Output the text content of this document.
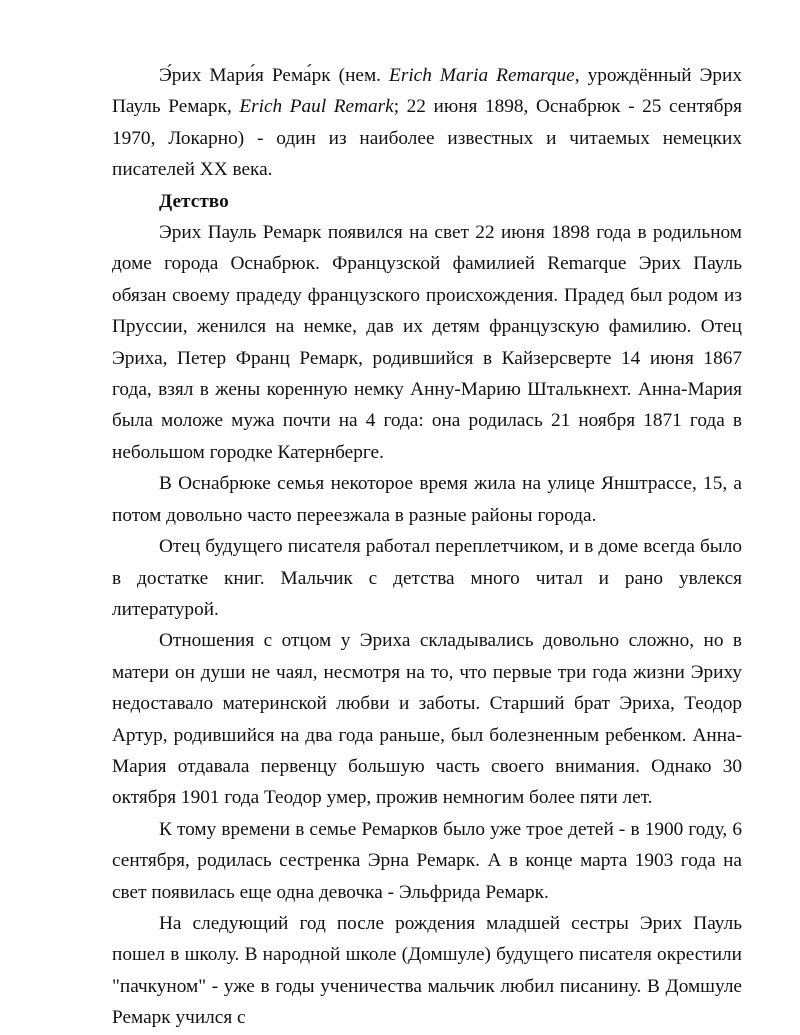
Э́рих Мари́я Рема́рк (нем. Erich Maria Remarque, урождённый Эрих Пауль Ремарк, Erich Paul Remark; 22 июня 1898, Оснабрюк - 25 сентября 1970, Локарно) - один из наиболее известных и читаемых немецких писателей XX века.

Детство

Эрих Пауль Ремарк появился на свет 22 июня 1898 года в родильном доме города Оснабрюк. Французской фамилией Remarque Эрих Пауль обязан своему прадеду французского происхождения. Прадед был родом из Пруссии, женился на немке, дав их детям французскую фамилию. Отец Эриха, Петер Франц Ремарк, родившийся в Кайзерсверте 14 июня 1867 года, взял в жены коренную немку Анну-Марию Шталькнехт. Анна-Мария была моложе мужа почти на 4 года: она родилась 21 ноября 1871 года в небольшом городке Катернберге.

В Оснабрюке семья некоторое время жила на улице Янштрассе, 15, а потом довольно часто переезжала в разные районы города.

Отец будущего писателя работал переплетчиком, и в доме всегда было в достатке книг. Мальчик с детства много читал и рано увлекся литературой.

Отношения с отцом у Эриха складывались довольно сложно, но в матери он души не чаял, несмотря на то, что первые три года жизни Эриху недоставало материнской любви и заботы. Старший брат Эриха, Теодор Артур, родившийся на два года раньше, был болезненным ребенком. Анна-Мария отдавала первенцу большую часть своего внимания. Однако 30 октября 1901 года Теодор умер, прожив немногим более пяти лет.

К тому времени в семье Ремарков было уже трое детей - в 1900 году, 6 сентября, родилась сестренка Эрна Ремарк. А в конце марта 1903 года на свет появилась еще одна девочка - Эльфрида Ремарк.

На следующий год после рождения младшей сестры Эрих Пауль пошел в школу. В народной школе (Домшуле) будущего писателя окрестили "пачкуном" - уже в годы ученичества мальчик любил писанину. В Домшуле Ремарк учился с
